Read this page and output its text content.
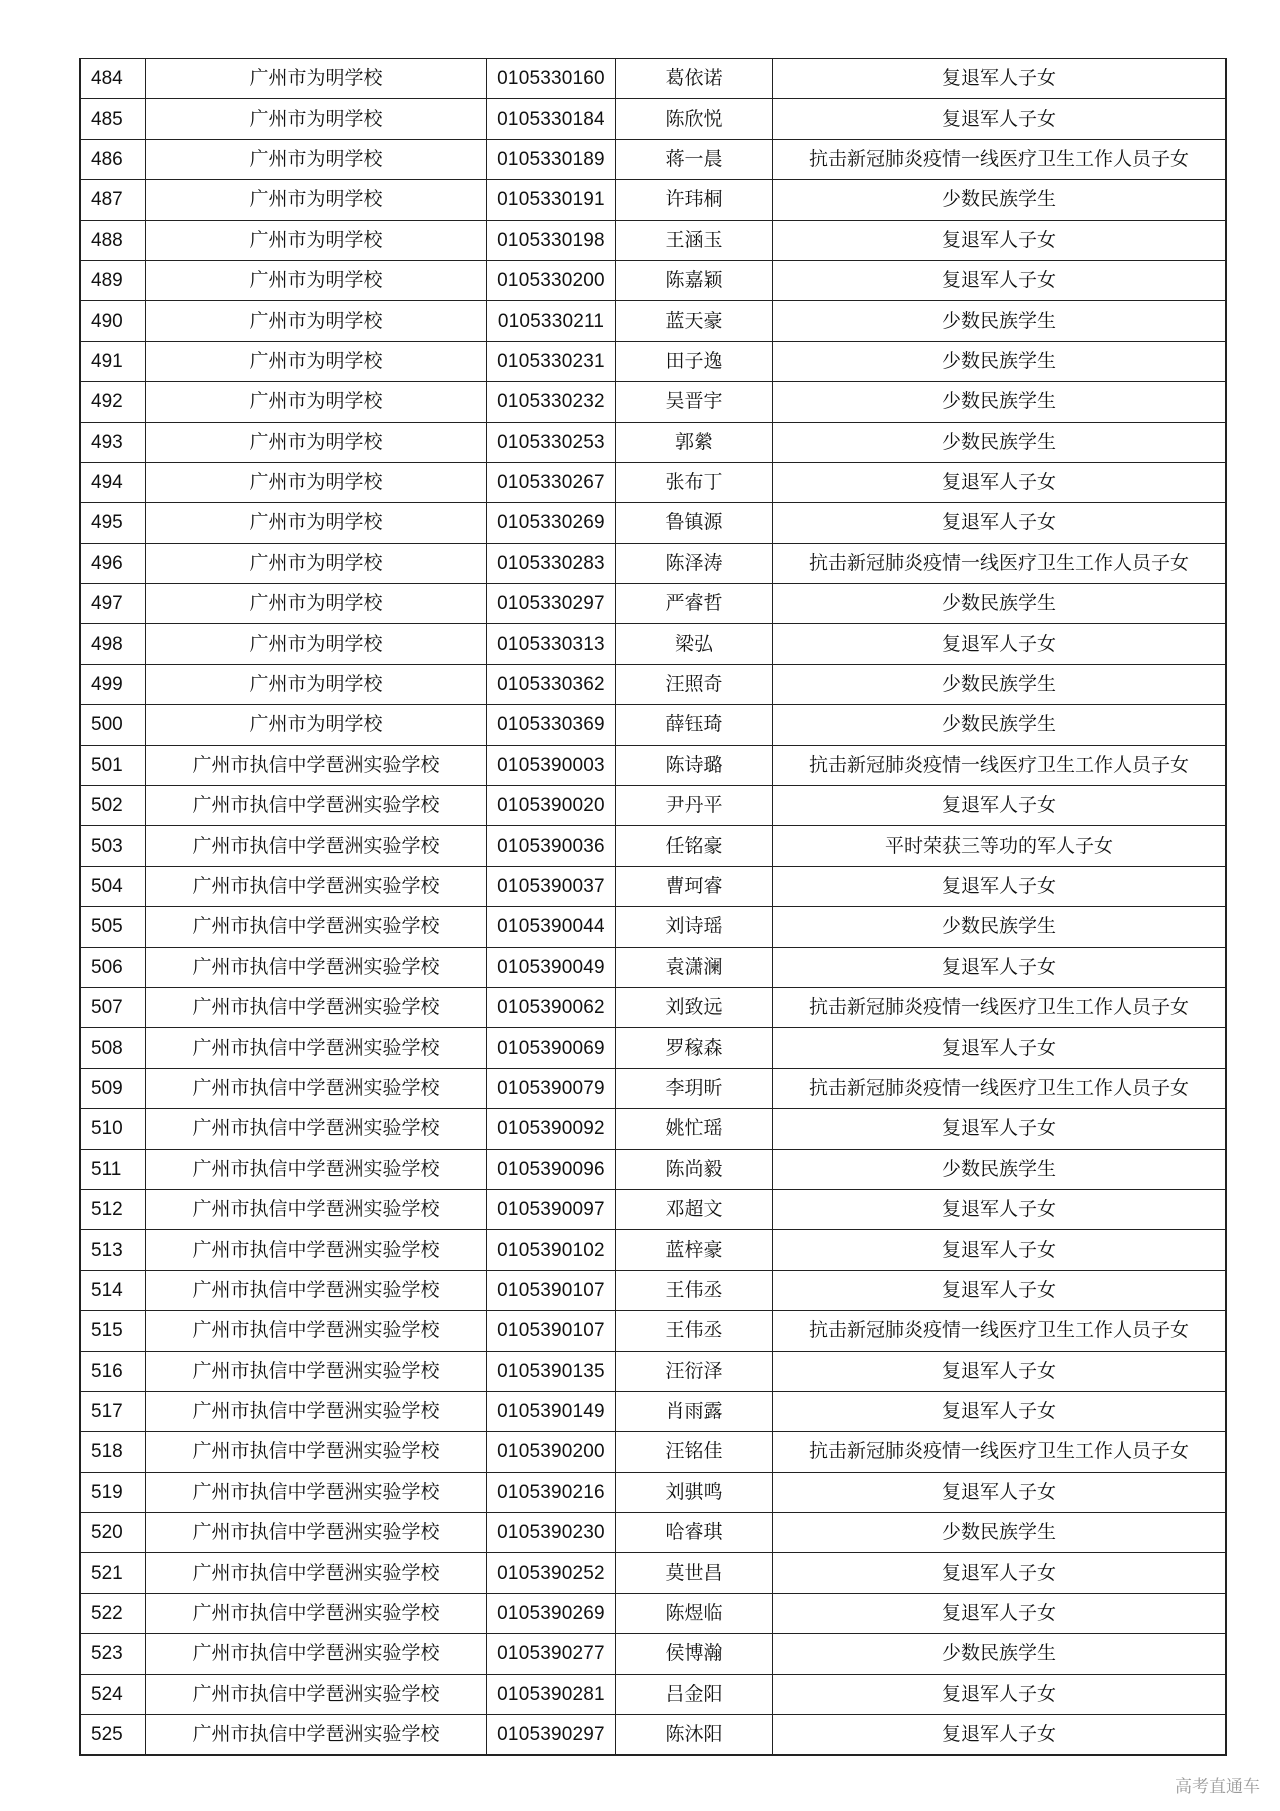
484	广州市为明学校	0105330160	葛依诺	复退军人子女
485	广州市为明学校	0105330184	陈欣悦	复退军人子女
486	广州市为明学校	0105330189	蒋一晨	抗击新冠肺炎疫情一线医疗卫生工作人员子女
487	广州市为明学校	0105330191	许玮桐	少数民族学生
488	广州市为明学校	0105330198	王涵玉	复退军人子女
489	广州市为明学校	0105330200	陈嘉颖	复退军人子女
490	广州市为明学校	0105330211	蓝天豪	少数民族学生
491	广州市为明学校	0105330231	田子逸	少数民族学生
492	广州市为明学校	0105330232	吴晋宇	少数民族学生
493	广州市为明学校	0105330253	郭縈	少数民族学生
494	广州市为明学校	0105330267	张布丁	复退军人子女
495	广州市为明学校	0105330269	鲁镇源	复退军人子女
496	广州市为明学校	0105330283	陈泽涛	抗击新冠肺炎疫情一线医疗卫生工作人员子女
497	广州市为明学校	0105330297	严睿哲	少数民族学生
498	广州市为明学校	0105330313	梁弘	复退军人子女
499	广州市为明学校	0105330362	汪照奇	少数民族学生
500	广州市为明学校	0105330369	薛钰琦	少数民族学生
501	广州市执信中学琶洲实验学校	0105390003	陈诗璐	抗击新冠肺炎疫情一线医疗卫生工作人员子女
502	广州市执信中学琶洲实验学校	0105390020	尹丹平	复退军人子女
503	广州市执信中学琶洲实验学校	0105390036	任铭豪	平时荣获三等功的军人子女
504	广州市执信中学琶洲实验学校	0105390037	曹珂睿	复退军人子女
505	广州市执信中学琶洲实验学校	0105390044	刘诗瑶	少数民族学生
506	广州市执信中学琶洲实验学校	0105390049	袁潇澜	复退军人子女
507	广州市执信中学琶洲实验学校	0105390062	刘致远	抗击新冠肺炎疫情一线医疗卫生工作人员子女
508	广州市执信中学琶洲实验学校	0105390069	罗稼森	复退军人子女
509	广州市执信中学琶洲实验学校	0105390079	李玥昕	抗击新冠肺炎疫情一线医疗卫生工作人员子女
510	广州市执信中学琶洲实验学校	0105390092	姚忙瑶	复退军人子女
511	广州市执信中学琶洲实验学校	0105390096	陈尚毅	少数民族学生
512	广州市执信中学琶洲实验学校	0105390097	邓超文	复退军人子女
513	广州市执信中学琶洲实验学校	0105390102	蓝梓豪	复退军人子女
514	广州市执信中学琶洲实验学校	0105390107	王伟丞	复退军人子女
515	广州市执信中学琶洲实验学校	0105390107	王伟丞	抗击新冠肺炎疫情一线医疗卫生工作人员子女
516	广州市执信中学琶洲实验学校	0105390135	汪衍泽	复退军人子女
517	广州市执信中学琶洲实验学校	0105390149	肖雨露	复退军人子女
518	广州市执信中学琶洲实验学校	0105390200	汪铭佳	抗击新冠肺炎疫情一线医疗卫生工作人员子女
519	广州市执信中学琶洲实验学校	0105390216	刘骐鸣	复退军人子女
520	广州市执信中学琶洲实验学校	0105390230	哈睿琪	少数民族学生
521	广州市执信中学琶洲实验学校	0105390252	莫世昌	复退军人子女
522	广州市执信中学琶洲实验学校	0105390269	陈煜临	复退军人子女
523	广州市执信中学琶洲实验学校	0105390277	侯博瀚	少数民族学生
524	广州市执信中学琶洲实验学校	0105390281	吕金阳	复退军人子女
525	广州市执信中学琶洲实验学校	0105390297	陈沐阳	复退军人子女
高考直通车
